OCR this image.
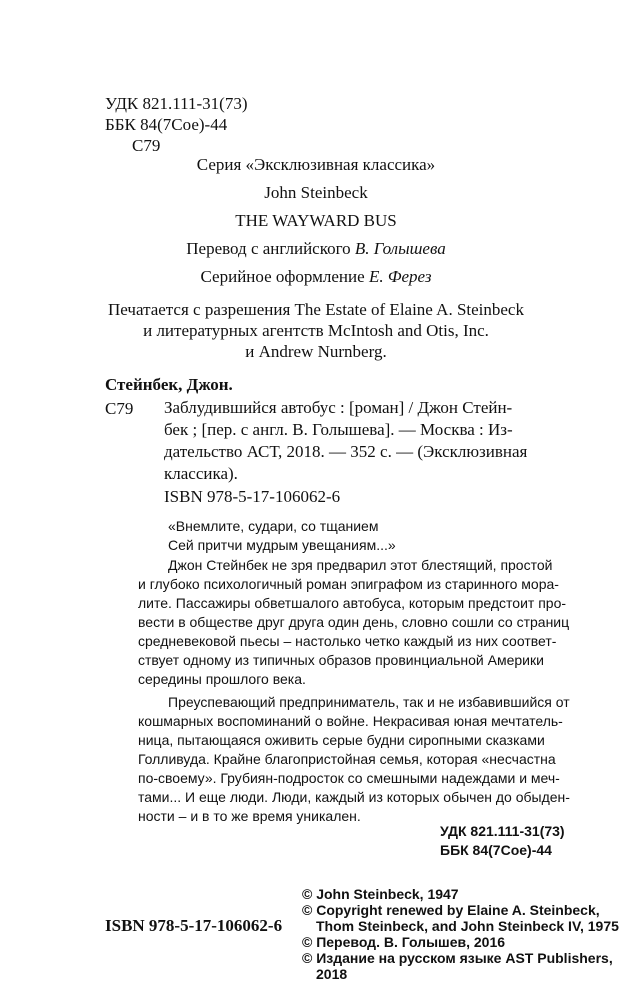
УДК 821.111-31(73)
ББК 84(7Сое)-44
С79
Серия «Эксклюзивная классика»
John Steinbeck
THE WAYWARD BUS
Перевод с английского В. Голышева
Серийное оформление Е. Ферез
Печатается с разрешения The Estate of Elaine A. Steinbeck
и литературных агентств McIntosh and Otis, Inc.
и Andrew Nurnberg.
Стейнбек, Джон.
С79 Заблудившийся автобус : [роман] / Джон Стейн-
бек ; [пер. с англ. В. Голышева]. — Москва : Из-
дательство АСТ, 2018. — 352 с. — (Эксклюзивная
классика).
ISBN 978-5-17-106062-6
«Внемлите, судари, со тщанием
Сей притчи мудрым увещаниям...»
Джон Стейнбек не зря предварил этот блестящий, простой
и глубоко психологичный роман эпиграфом из старинного мора-
лите. Пассажиры обветшалого автобуса, которым предстоит про-
вести в обществе друг друга один день, словно сошли со страниц
средневековой пьесы – настолько четко каждый из них соответ-
ствует одному из типичных образов провинциальной Америки
середины прошлого века.
Преуспевающий предприниматель, так и не избавившийся от
кошмарных воспоминаний о войне. Некрасивая юная мечтатель-
ница, пытающаяся оживить серые будни сиропными сказками
Голливуда. Крайне благопристойная семья, которая «несчастна
по-своему». Грубиян-подросток со смешными надеждами и меч-
тами... И еще люди. Люди, каждый из которых обычен до обыден-
ности – и в то же время уникален.
УДК 821.111-31(73)
ББК 84(7Сое)-44
© John Steinbeck, 1947
© Copyright renewed by Elaine A. Steinbeck,
Thom Steinbeck, and John Steinbeck IV, 1975
© Перевод. В. Голышев, 2016
© Издание на русском языке AST Publishers,
2018
ISBN 978-5-17-106062-6
